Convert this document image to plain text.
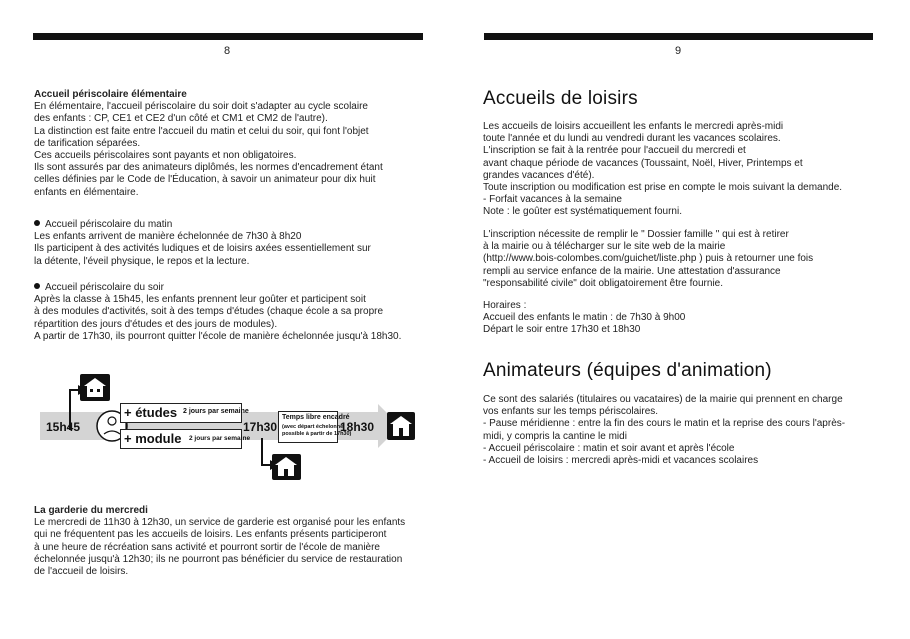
8

Accueil périscolaire élémentaire

En élémentaire, l'accueil périscolaire du soir doit s'adapter au cycle scolaire

des enfants : CP, CE1 et CE2 d'un côté et CM1 et CM2 de l'autre).

La distinction est faite entre l'accueil du matin et celui du soir, qui font l'objet

de tarification séparées.

Ces accueils périscolaires sont payants et non obligatoires.

Ils sont assurés par des animateurs diplômés, les normes d'encadrement étant

celles définies par le Code de l'Éducation, à savoir un animateur pour dix huit

enfants en élémentaire.

Accueil périscolaire du matin

Les enfants arrivent de manière échelonnée de 7h30 à 8h20

Ils participent à des activités ludiques et de loisirs axées essentiellement sur

la détente, l'éveil physique, le repos et la lecture.

Accueil périscolaire du soir

Après la classe à 15h45, les enfants prennent leur goûter et participent soit

à des modules d'activités, soit à des temps d'études (chaque école a sa propre

répartition des jours d'études et des jours de modules).

A partir de 17h30, ils pourront quitter l'école de manière échelonnée jusqu'à 18h30.

15h45
+ études 2 jours par semaine
+ module 2 jours par semaine
17h30
Temps libre encadré
(avec départ échelonné
possible à partir de 17h30)
18h30

La garderie du mercredi

Le mercredi de 11h30 à 12h30, un service de garderie est organisé pour les enfants

qui ne fréquentent pas les accueils de loisirs. Les enfants présents participeront

à une heure de récréation sans activité et pourront sortir de l'école de manière

échelonnée jusqu'à 12h30; ils ne pourront pas bénéficier du service de restauration

de l'accueil de loisirs.

9
Accueils de loisirs

Les accueils de loisirs accueillent les enfants le mercredi après-midi

toute l'année et du lundi au vendredi durant les vacances scolaires.

L'inscription se fait à la rentrée pour l'accueil du mercredi et

avant chaque période de vacances (Toussaint, Noël, Hiver, Printemps et

grandes vacances d'été).

Toute inscription ou modification est prise en compte le mois suivant la demande.

- Forfait vacances à la semaine

Note : le goûter est systématiquement fourni.

L'inscription nécessite de remplir le " Dossier famille " qui est à retirer

à la mairie ou à télécharger sur le site web de la mairie

(http://www.bois-colombes.com/guichet/liste.php ) puis à retourner une fois

rempli au service enfance de la mairie. Une attestation d'assurance

"responsabilité civile" doit obligatoirement être fournie.

Horaires :

Accueil des enfants le matin : de 7h30 à 9h00

Départ le soir entre 17h30 et 18h30

Animateurs (équipes d'animation)

Ce sont des salariés (titulaires ou vacataires) de la mairie qui prennent en charge

vos enfants sur les temps périscolaires.

- Pause méridienne : entre la fin des cours le matin et la reprise des cours l'après-

midi, y compris la cantine le midi

- Accueil périscolaire : matin et soir avant et après l'école

- Accueil de loisirs : mercredi après-midi et vacances scolaires
